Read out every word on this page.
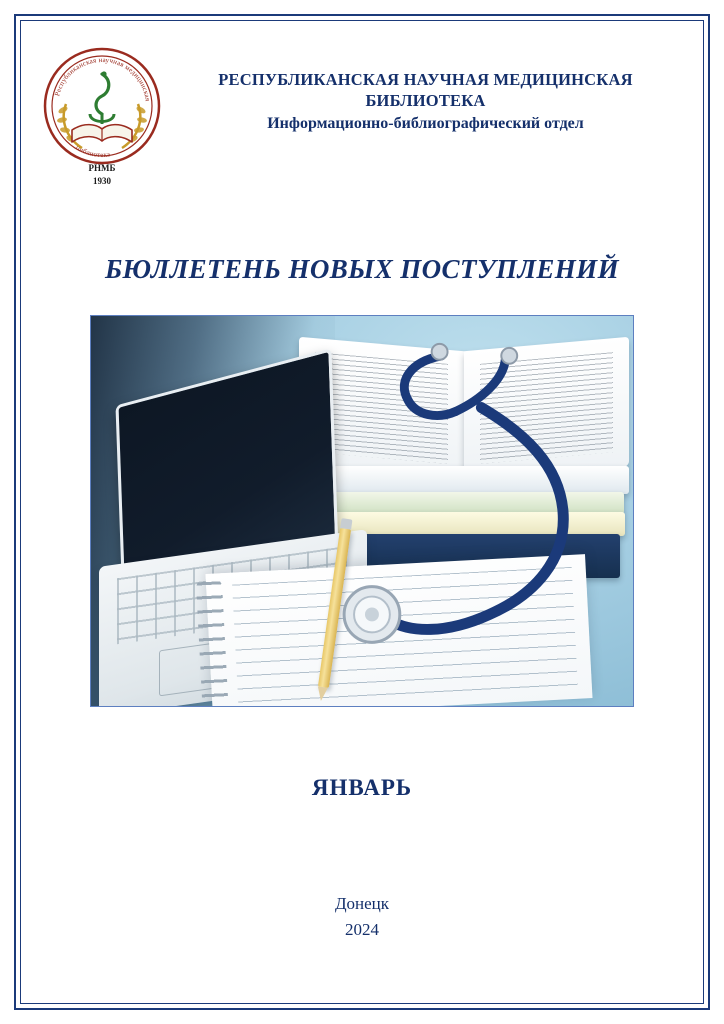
Республиканская научная медицинская
библиотека
РНМБ
1930
РЕСПУБЛИКАНСКАЯ НАУЧНАЯ МЕДИЦИНСКАЯ БИБЛИОТЕКА
Информационно-библиографический отдел
БЮЛЛЕТЕНЬ НОВЫХ ПОСТУПЛЕНИЙ
ЯНВАРЬ
Донецк
2024
